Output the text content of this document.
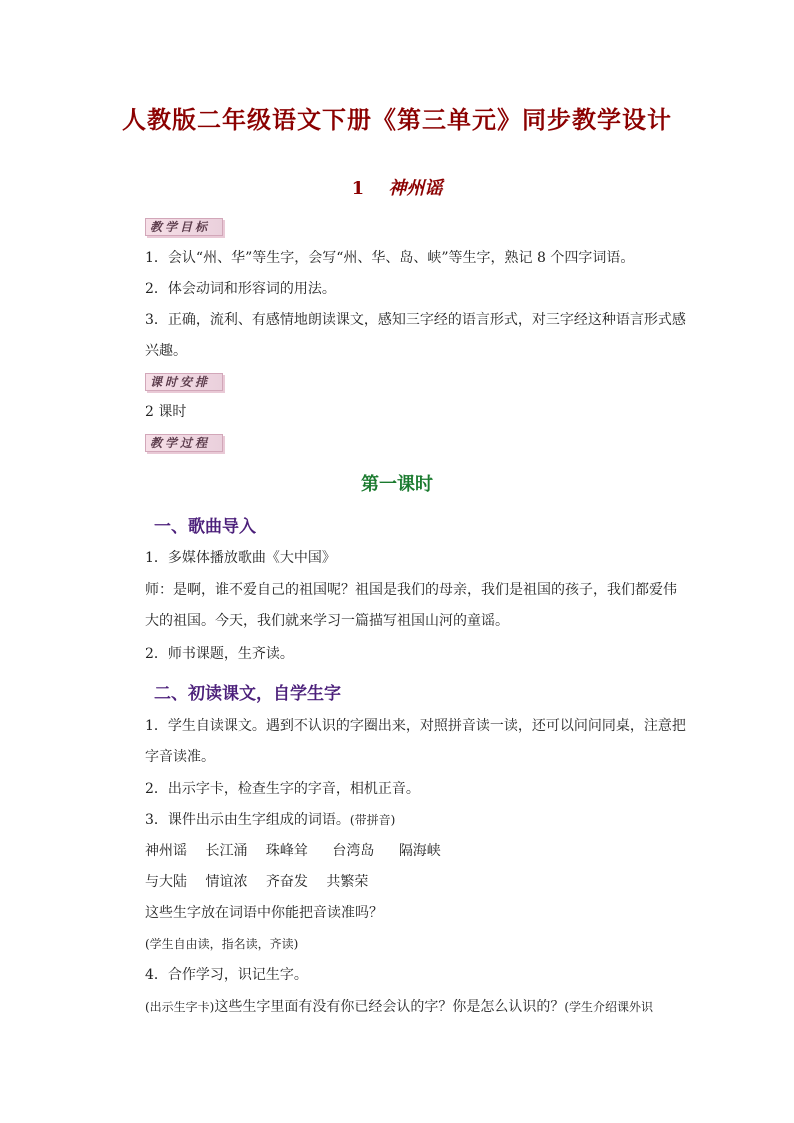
人教版二年级语文下册《第三单元》同步教学设计
1 神州谣
教学目标
1．会认“州、华”等生字，会写“州、华、岛、峡”等生字，熟记 8 个四字词语。
2．体会动词和形容词的用法。
3．正确，流利、有感情地朗读课文，感知三字经的语言形式，对三字经这种语言形式感
兴趣。
课时安排
2 课时
教学过程
第一课时
一、歌曲导入
1．多媒体播放歌曲《大中国》
师：是啊，谁不爱自己的祖国呢？祖国是我们的母亲，我们是祖国的孩子，我们都爱伟
大的祖国。今天，我们就来学习一篇描写祖国山河的童谣。
2．师书课题，生齐读。
二、初读课文，自学生字
1．学生自读课文。遇到不认识的字圈出来，对照拼音读一读，还可以问问同桌，注意把
字音读准。
2．出示字卡，检查生字的字音，相机正音。
3．课件出示由生字组成的词语。(带拼音)
神州谣 长江涌 珠峰耸 台湾岛 隔海峡
与大陆 情谊浓 齐奋发 共繁荣
这些生字放在词语中你能把音读准吗？
(学生自由读，指名读，齐读)
4．合作学习，识记生字。
(出示生字卡)这些生字里面有没有你已经会认的字？你是怎么认识的？(学生介绍课外识
